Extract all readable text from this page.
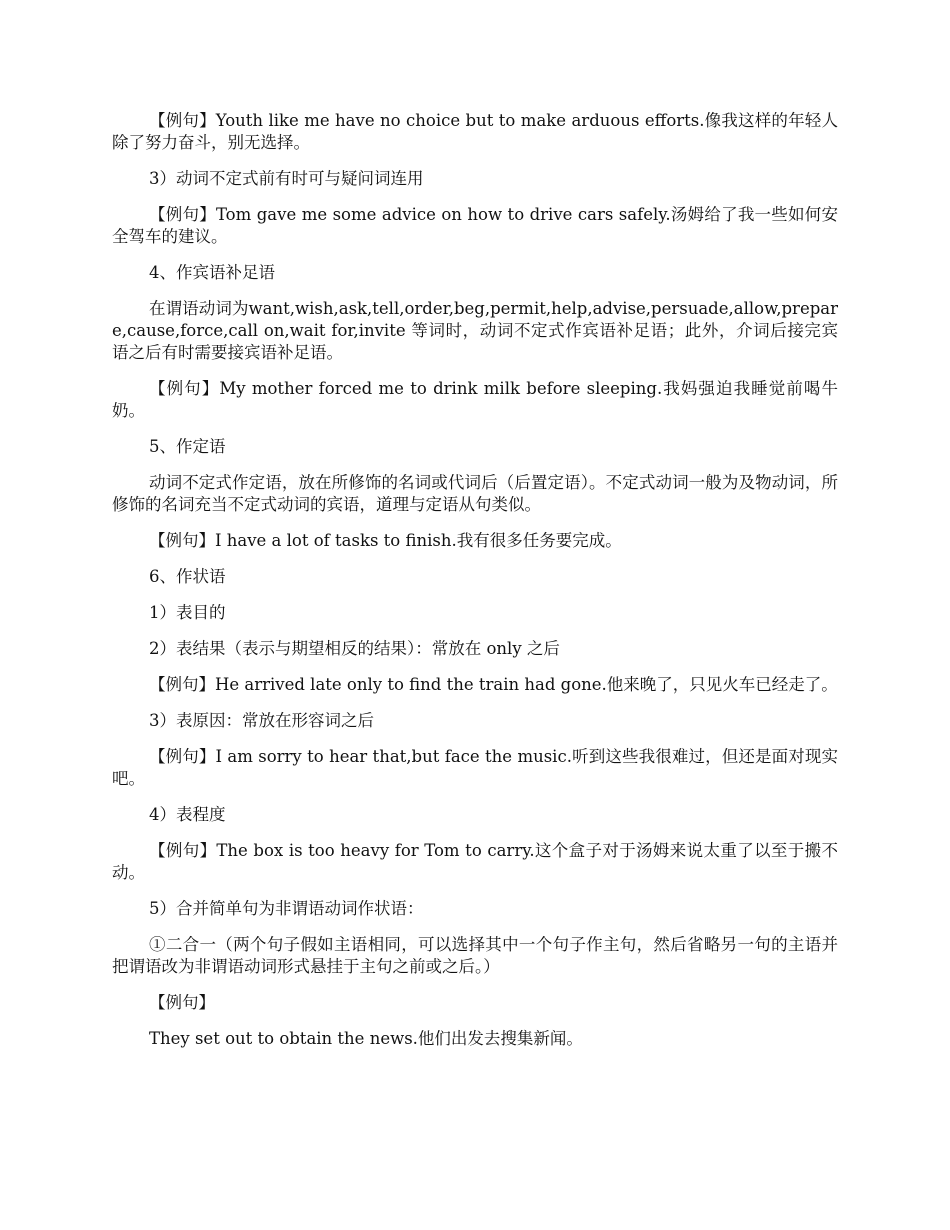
【例句】Youth like me have no choice but to make arduous efforts.像我这样的年轻人除了努力奋斗，别无选择。

3）动词不定式前有时可与疑问词连用

【例句】Tom gave me some advice on how to drive cars safely.汤姆给了我一些如何安全驾车的建议。

4、作宾语补足语

在谓语动词为want,wish,ask,tell,order,beg,permit,help,advise,persuade,allow,prepare,cause,force,call on,wait for,invite 等词时，动词不定式作宾语补足语；此外，介词后接完宾语之后有时需要接宾语补足语。

【例句】My mother forced me to drink milk before sleeping.我妈强迫我睡觉前喝牛奶。

5、作定语

动词不定式作定语，放在所修饰的名词或代词后（后置定语）。不定式动词一般为及物动词，所修饰的名词充当不定式动词的宾语，道理与定语从句类似。

【例句】I have a lot of tasks to finish.我有很多任务要完成。

6、作状语

1）表目的

2）表结果（表示与期望相反的结果）：常放在 only 之后

【例句】He arrived late only to find the train had gone.他来晚了，只见火车已经走了。

3）表原因：常放在形容词之后

【例句】I am sorry to hear that,but face the music.听到这些我很难过，但还是面对现实吧。

4）表程度

【例句】The box is too heavy for Tom to carry.这个盒子对于汤姆来说太重了以至于搬不动。

5）合并简单句为非谓语动词作状语：

①二合一（两个句子假如主语相同，可以选择其中一个句子作主句，然后省略另一句的主语并把谓语改为非谓语动词形式悬挂于主句之前或之后。）

【例句】

They set out to obtain the news.他们出发去搜集新闻。
